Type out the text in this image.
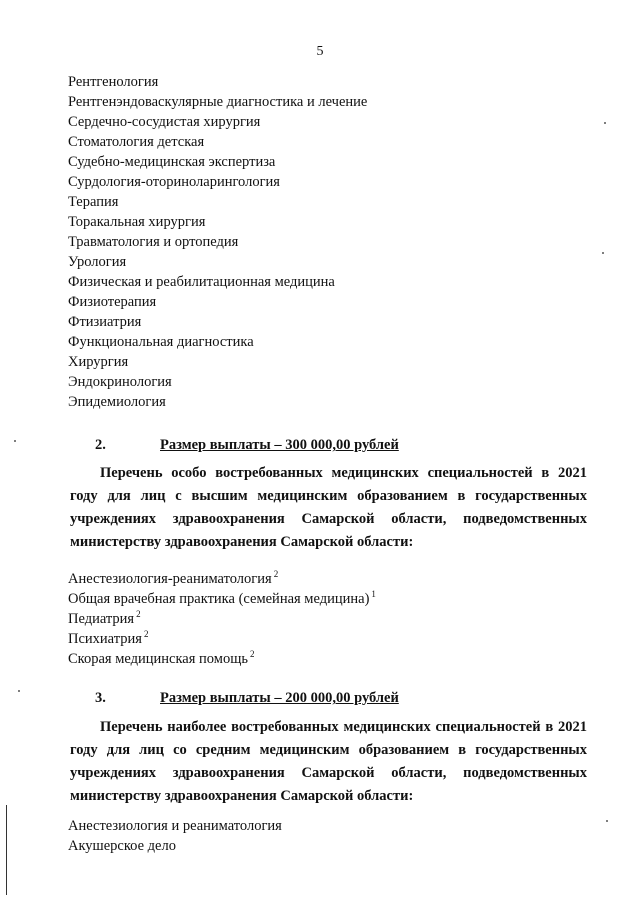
5
Рентгенология
Рентгенэндоваскулярные диагностика и лечение
Сердечно-сосудистая хирургия
Стоматология детская
Судебно-медицинская экспертиза
Сурдология-оториноларингология
Терапия
Торакальная хирургия
Травматология и ортопедия
Урология
Физическая и реабилитационная медицина
Физиотерапия
Фтизиатрия
Функциональная диагностика
Хирургия
Эндокринология
Эпидемиология
2.	Размер выплаты – 300 000,00 рублей

Перечень особо востребованных медицинских специальностей в 2021 году для лиц с высшим медицинским образованием в государственных учреждениях здравоохранения Самарской области, подведомственных министерству здравоохранения Самарской области:

Анестезиология-реаниматология $^2$
Общая врачебная практика (семейная медицина) $^1$
Педиатрия $^2$
Психиатрия $^2$
Скорая медицинская помощь $^2$
3.	Размер выплаты – 200 000,00 рублей

Перечень наиболее востребованных медицинских специальностей в 2021 году для лиц со средним медицинским образованием в государственных учреждениях здравоохранения Самарской области, подведомственных министерству здравоохранения Самарской области:

Анестезиология и реаниматология
Акушерское дело
